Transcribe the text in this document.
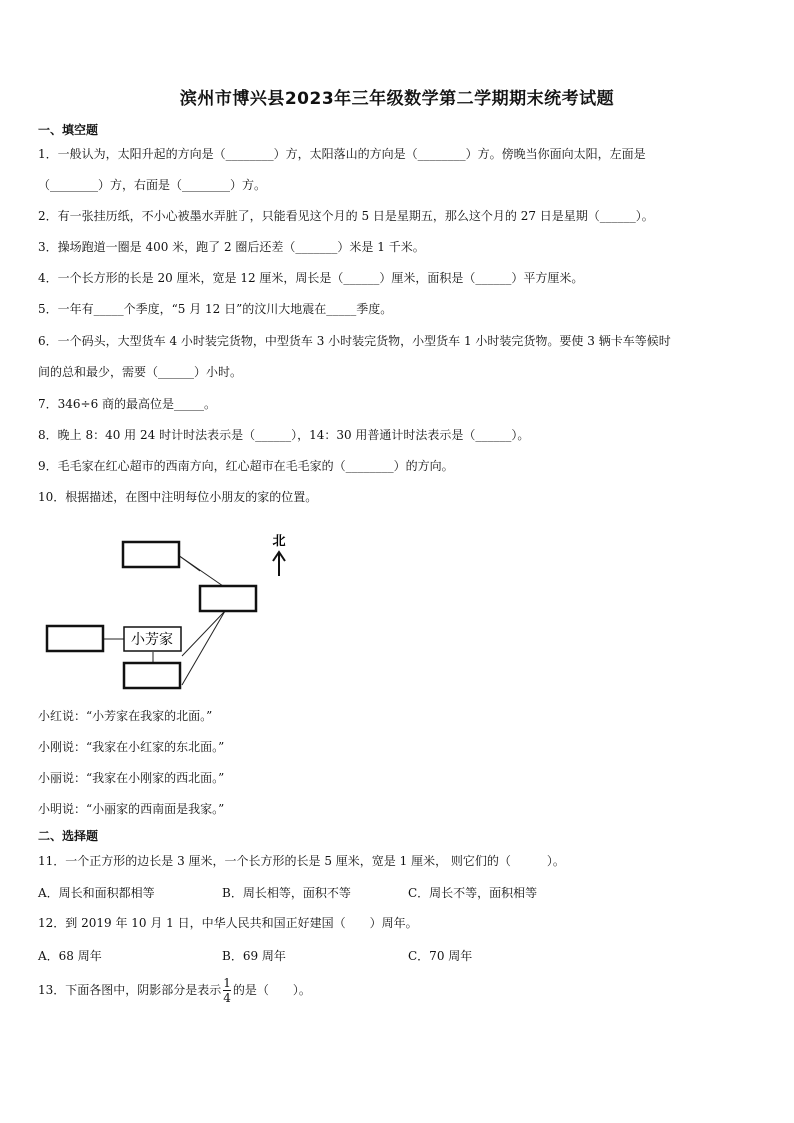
滨州市博兴县2023年三年级数学第二学期期末统考试题
一、填空题
1．一般认为，太阳升起的方向是（________）方，太阳落山的方向是（________）方。傍晚当你面向太阳，左面是
（________）方，右面是（________）方。
2．有一张挂历纸，不小心被墨水弄脏了，只能看见这个月的 5 日是星期五，那么这个月的 27 日是星期（______）。
3．操场跑道一圈是 400 米，跑了 2 圈后还差（_______）米是 1 千米。
4．一个长方形的长是 20 厘米，宽是 12 厘米，周长是（______）厘米，面积是（______）平方厘米。
5．一年有_____个季度，“5 月 12 日”的汶川大地震在_____季度。
6．一个码头，大型货车 4 小时装完货物，中型货车 3 小时装完货物，小型货车 1 小时装完货物。要使 3 辆卡车等候时
间的总和最少，需要（______）小时。
7．346÷6 商的最高位是_____。
8．晚上 8：40 用 24 时计时法表示是（______），14：30 用普通计时法表示是（______）。
9．毛毛家在红心超市的西南方向，红心超市在毛毛家的（________）的方向。
10．根据描述，在图中注明每位小朋友的家的位置。
小芳家
北
小红说：“小芳家在我家的北面。”
小刚说：“我家在小红家的东北面。”
小丽说：“我家在小刚家的西北面。”
小明说：“小丽家的西南面是我家。”
二、选择题
11．一个正方形的边长是 3 厘米，一个长方形的长是 5 厘米，宽是 1 厘米， 则它们的（　　　）。
A．周长和面积都相等	B．周长相等，面积不等	C．周长不等，面积相等
12．到 2019 年 10 月 1 日，中华人民共和国正好建国（　　）周年。
A．68 周年	B．69 周年	C．70 周年
13．下面各图中，阴影部分是表示 $\frac{1}{4}$ 的是（　　）。
